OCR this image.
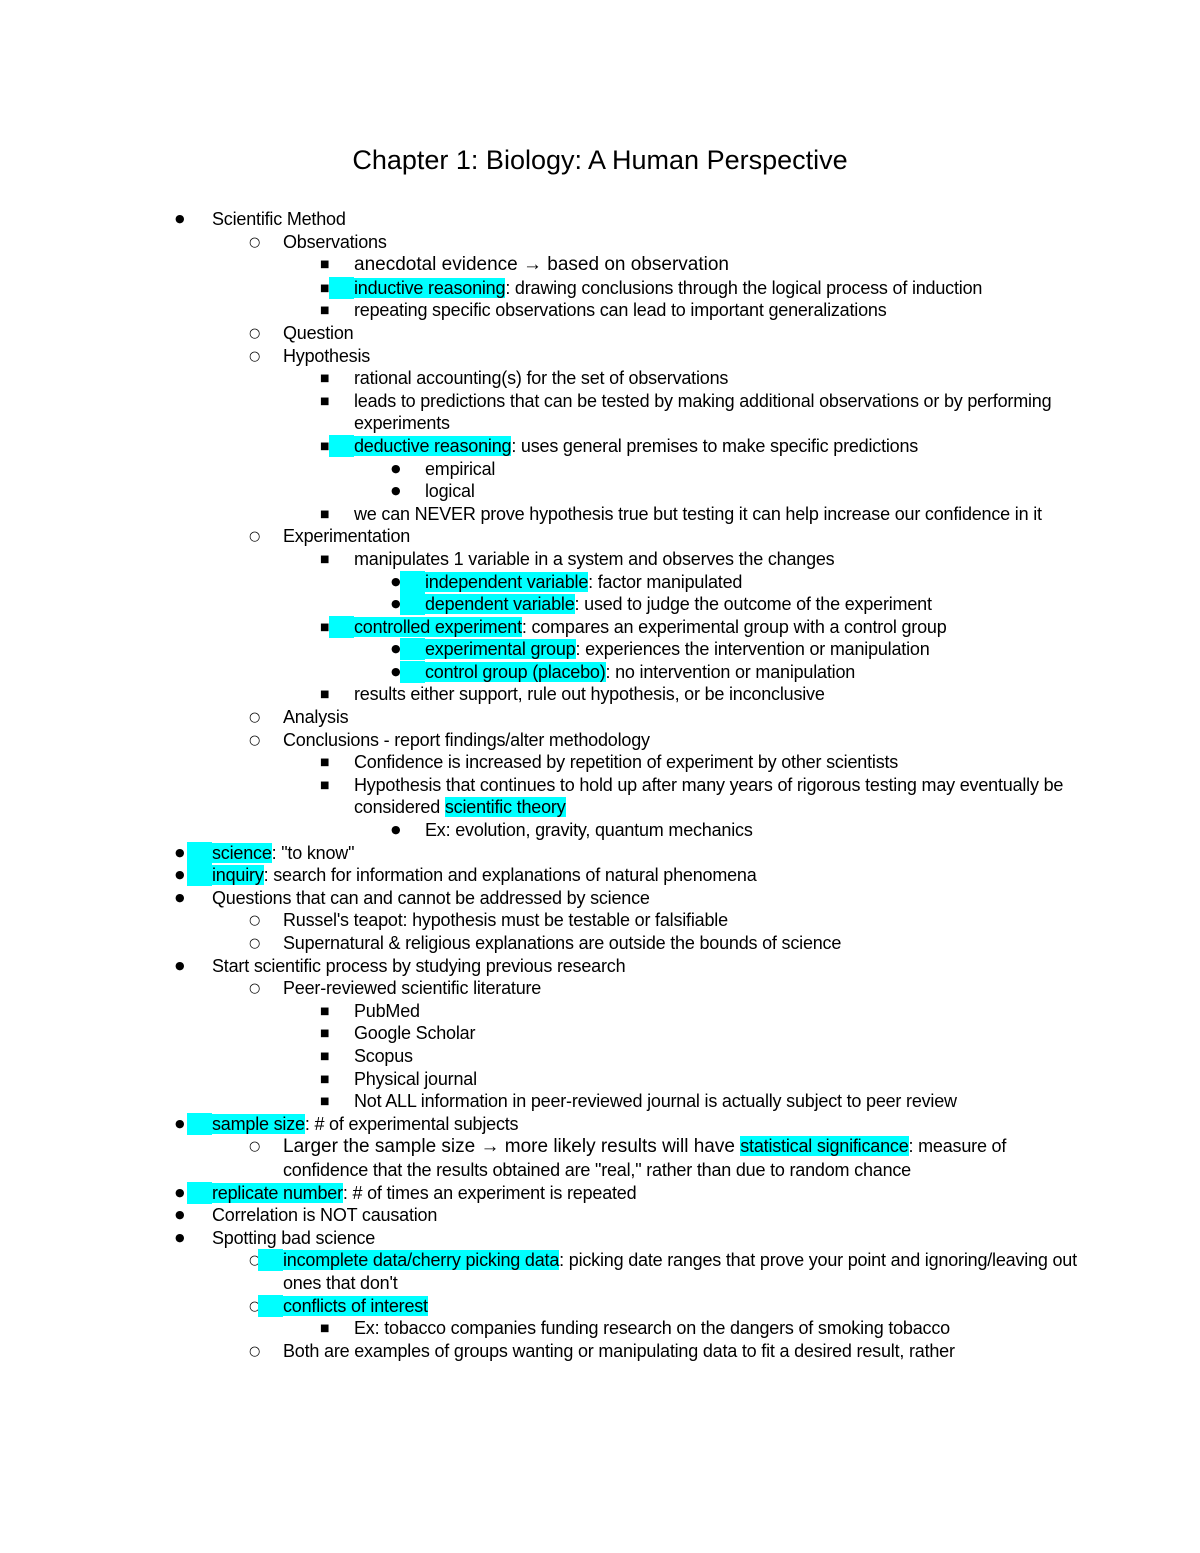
Chapter 1: Biology: A Human Perspective
● Scientific Method
○ Observations
■ anecdotal evidence → based on observation
■ inductive reasoning: drawing conclusions through the logical process of induction
■ repeating specific observations can lead to important generalizations
○ Question
○ Hypothesis
■ rational accounting(s) for the set of observations
■ leads to predictions that can be tested by making additional observations or by performing experiments
■ deductive reasoning: uses general premises to make specific predictions
● empirical
● logical
■ we can NEVER prove hypothesis true but testing it can help increase our confidence in it
○ Experimentation
■ manipulates 1 variable in a system and observes the changes
● independent variable: factor manipulated
● dependent variable: used to judge the outcome of the experiment
■ controlled experiment: compares an experimental group with a control group
● experimental group: experiences the intervention or manipulation
● control group (placebo): no intervention or manipulation
■ results either support, rule out hypothesis, or be inconclusive
○ Analysis
○ Conclusions - report findings/alter methodology
■ Confidence is increased by repetition of experiment by other scientists
■ Hypothesis that continues to hold up after many years of rigorous testing may eventually be considered scientific theory
● Ex: evolution, gravity, quantum mechanics
● science: "to know"
● inquiry: search for information and explanations of natural phenomena
● Questions that can and cannot be addressed by science
○ Russel's teapot: hypothesis must be testable or falsifiable
○ Supernatural & religious explanations are outside the bounds of science
● Start scientific process by studying previous research
○ Peer-reviewed scientific literature
■ PubMed
■ Google Scholar
■ Scopus
■ Physical journal
■ Not ALL information in peer-reviewed journal is actually subject to peer review
● sample size: # of experimental subjects
○ Larger the sample size → more likely results will have statistical significance: measure of confidence that the results obtained are "real," rather than due to random chance
● replicate number: # of times an experiment is repeated
● Correlation is NOT causation
● Spotting bad science
○ incomplete data/cherry picking data: picking date ranges that prove your point and ignoring/leaving out ones that don't
○ conflicts of interest
■ Ex: tobacco companies funding research on the dangers of smoking tobacco
○ Both are examples of groups wanting or manipulating data to fit a desired result, rather
